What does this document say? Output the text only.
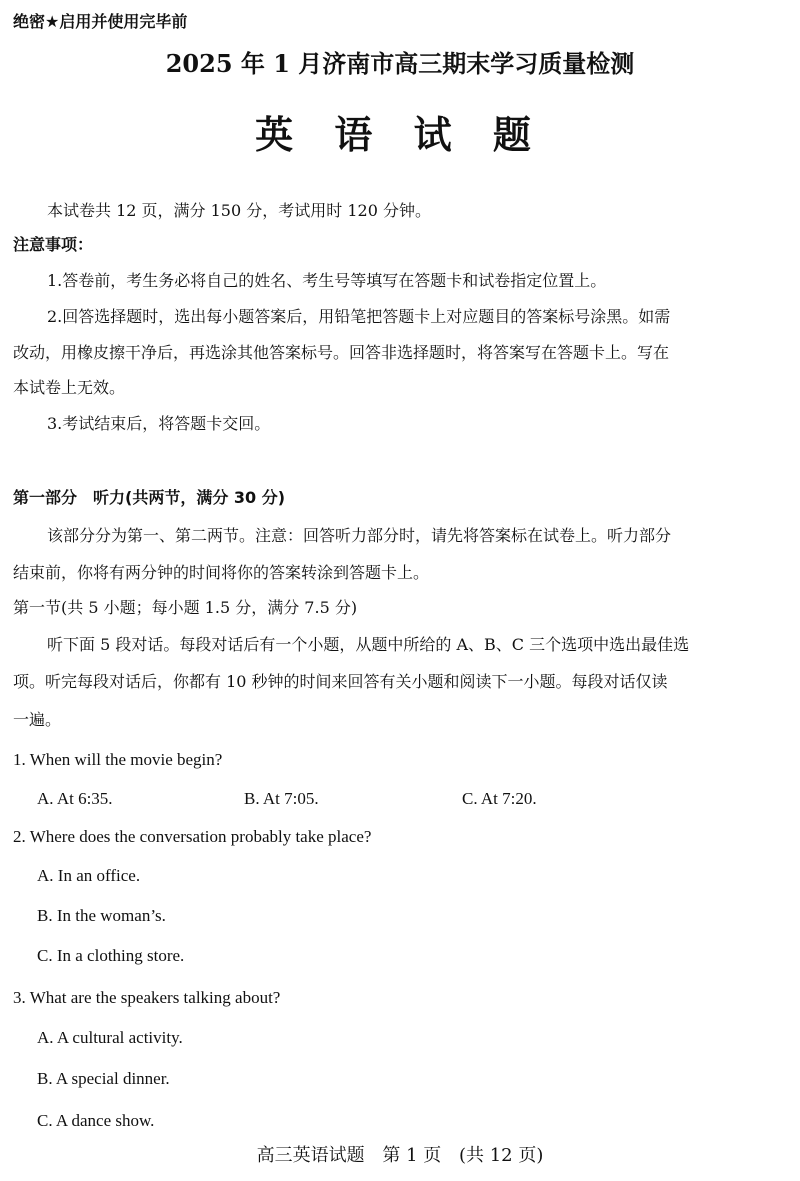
绝密★启用并使用完毕前
2025 年 1 月济南市高三期末学习质量检测
英 语 试 题
本试卷共 12 页，满分 150 分，考试用时 120 分钟。
注意事项：
1.答卷前，考生务必将自己的姓名、考生号等填写在答题卡和试卷指定位置上。
2.回答选择题时，选出每小题答案后，用铅笔把答题卡上对应题目的答案标号涂黑。如需
改动，用橡皮擦干净后，再选涂其他答案标号。回答非选择题时，将答案写在答题卡上。写在
本试卷上无效。
3.考试结束后，将答题卡交回。
第一部分　听力(共两节，满分 30 分)
该部分分为第一、第二两节。注意：回答听力部分时，请先将答案标在试卷上。听力部分
结束前，你将有两分钟的时间将你的答案转涂到答题卡上。
第一节(共 5 小题；每小题 1.5 分，满分 7.5 分)
听下面 5 段对话。每段对话后有一个小题，从题中所给的 A、B、C 三个选项中选出最佳选
项。听完每段对话后，你都有 10 秒钟的时间来回答有关小题和阅读下一小题。每段对话仅读
一遍。
1. When will the movie begin?
A. At 6:35.	B. At 7:05.	C. At 7:20.
2. Where does the conversation probably take place?
A. In an office.
B. In the woman’s.
C. In a clothing store.
3. What are the speakers talking about?
A. A cultural activity.
B. A special dinner.
C. A dance show.
高三英语试题 第 1 页 (共 12 页)
